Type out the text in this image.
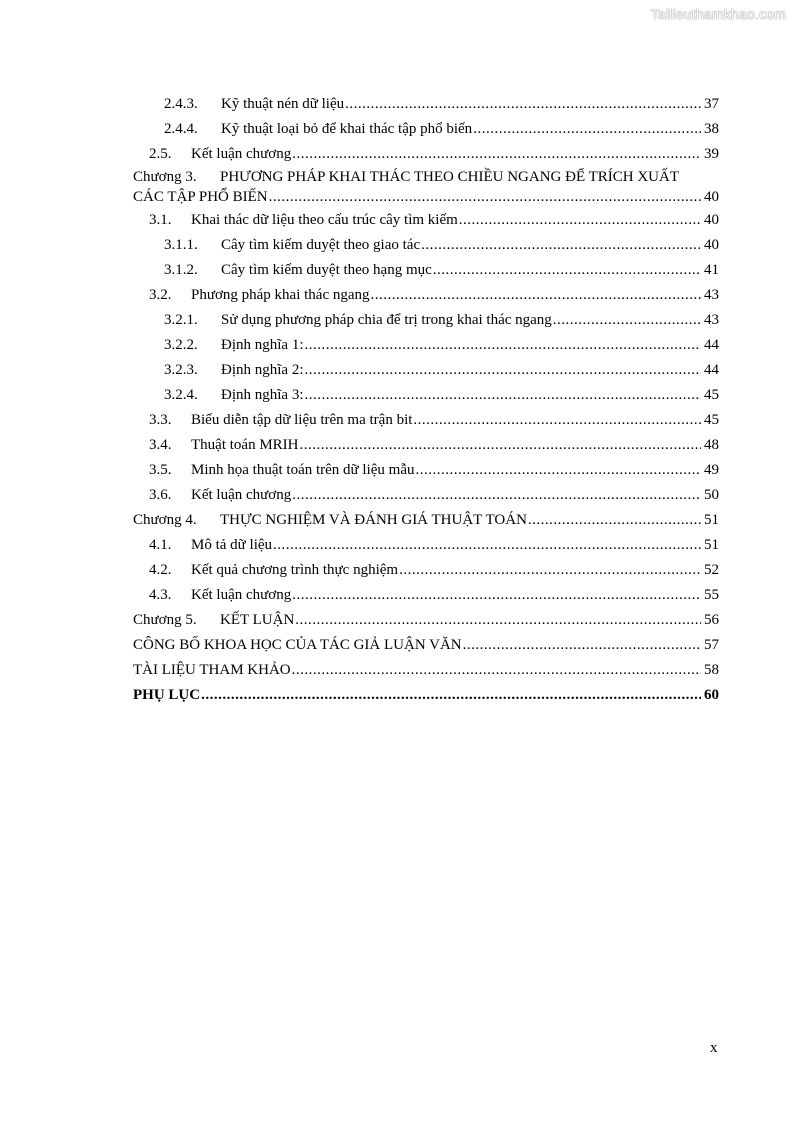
Tailieuthamkhao.com
2.4.3.	Kỹ thuật nén dữ liệu .....	37
2.4.4.	Kỹ thuật loại bỏ để khai thác tập phổ biến .....	38
2.5.	Kết luận chương .....	39
Chương 3.	PHƯƠNG PHÁP KHAI THÁC THEO CHIỀU NGANG ĐỂ TRÍCH XUẤT
CÁC TẬP PHỔ BIẾN .....	40
3.1.	Khai thác dữ liệu theo cấu trúc cây tìm kiếm .....	40
3.1.1.	Cây tìm kiếm duyệt theo giao tác .....	40
3.1.2.	Cây tìm kiếm duyệt theo hạng mục .....	41
3.2.	Phương pháp khai thác ngang .....	43
3.2.1.	Sử dụng phương pháp chia để trị trong khai thác ngang .....	43
3.2.2.	Định nghĩa 1: .....	44
3.2.3.	Định nghĩa 2: .....	44
3.2.4.	Định nghĩa 3: .....	45
3.3.	Biểu diễn tập dữ liệu trên ma trận bit .....	45
3.4.	Thuật toán MRIH .....	48
3.5.	Minh họa thuật toán trên dữ liệu mẫu .....	49
3.6.	Kết luận chương .....	50
Chương 4.	THỰC NGHIỆM VÀ ĐÁNH GIÁ THUẬT TOÁN .....	51
4.1.	Mô tả dữ liệu .....	51
4.2.	Kết quả chương trình thực nghiệm .....	52
4.3.	Kết luận chương .....	55
Chương 5.	KẾT LUẬN .....	56
CÔNG BỐ KHOA HỌC CỦA TÁC GIẢ LUẬN VĂN .....	57
TÀI LIỆU THAM KHẢO .....	58
PHỤ LỤC .....	60
x
